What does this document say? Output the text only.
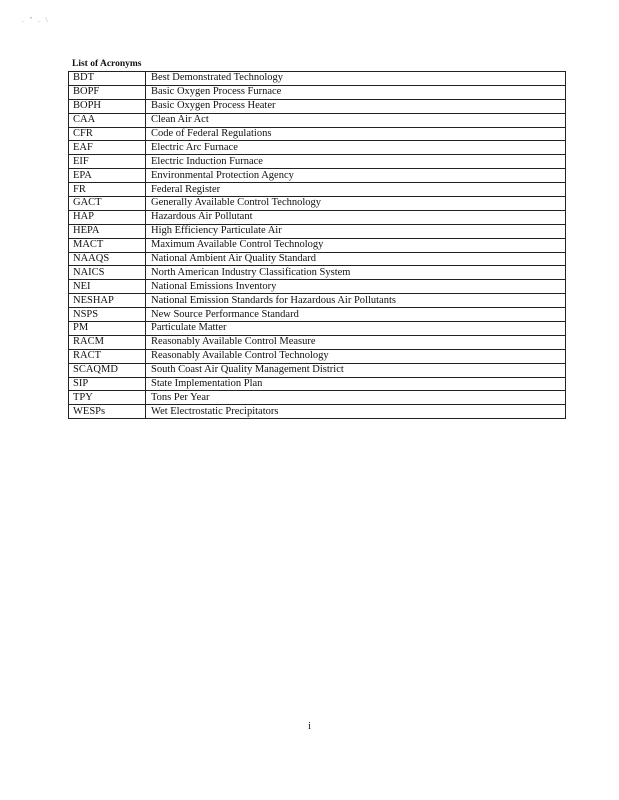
. " . \
List of Acronyms
BDT	Best Demonstrated Technology
BOPF	Basic Oxygen Process Furnace
BOPH	Basic Oxygen Process Heater
CAA	Clean Air Act
CFR	Code of Federal Regulations
EAF	Electric Arc Furnace
EIF	Electric Induction Furnace
EPA	Environmental Protection Agency
FR	Federal Register
GACT	Generally Available Control Technology
HAP	Hazardous Air Pollutant
HEPA	High Efficiency Particulate Air
MACT	Maximum Available Control Technology
NAAQS	National Ambient Air Quality Standard
NAICS	North American Industry Classification System
NEI	National Emissions Inventory
NESHAP	National Emission Standards for Hazardous Air Pollutants
NSPS	New Source Performance Standard
PM	Particulate Matter
RACM	Reasonably Available Control Measure
RACT	Reasonably Available Control Technology
SCAQMD	South Coast Air Quality Management District
SIP	State Implementation Plan
TPY	Tons Per Year
WESPs	Wet Electrostatic Precipitators
i
